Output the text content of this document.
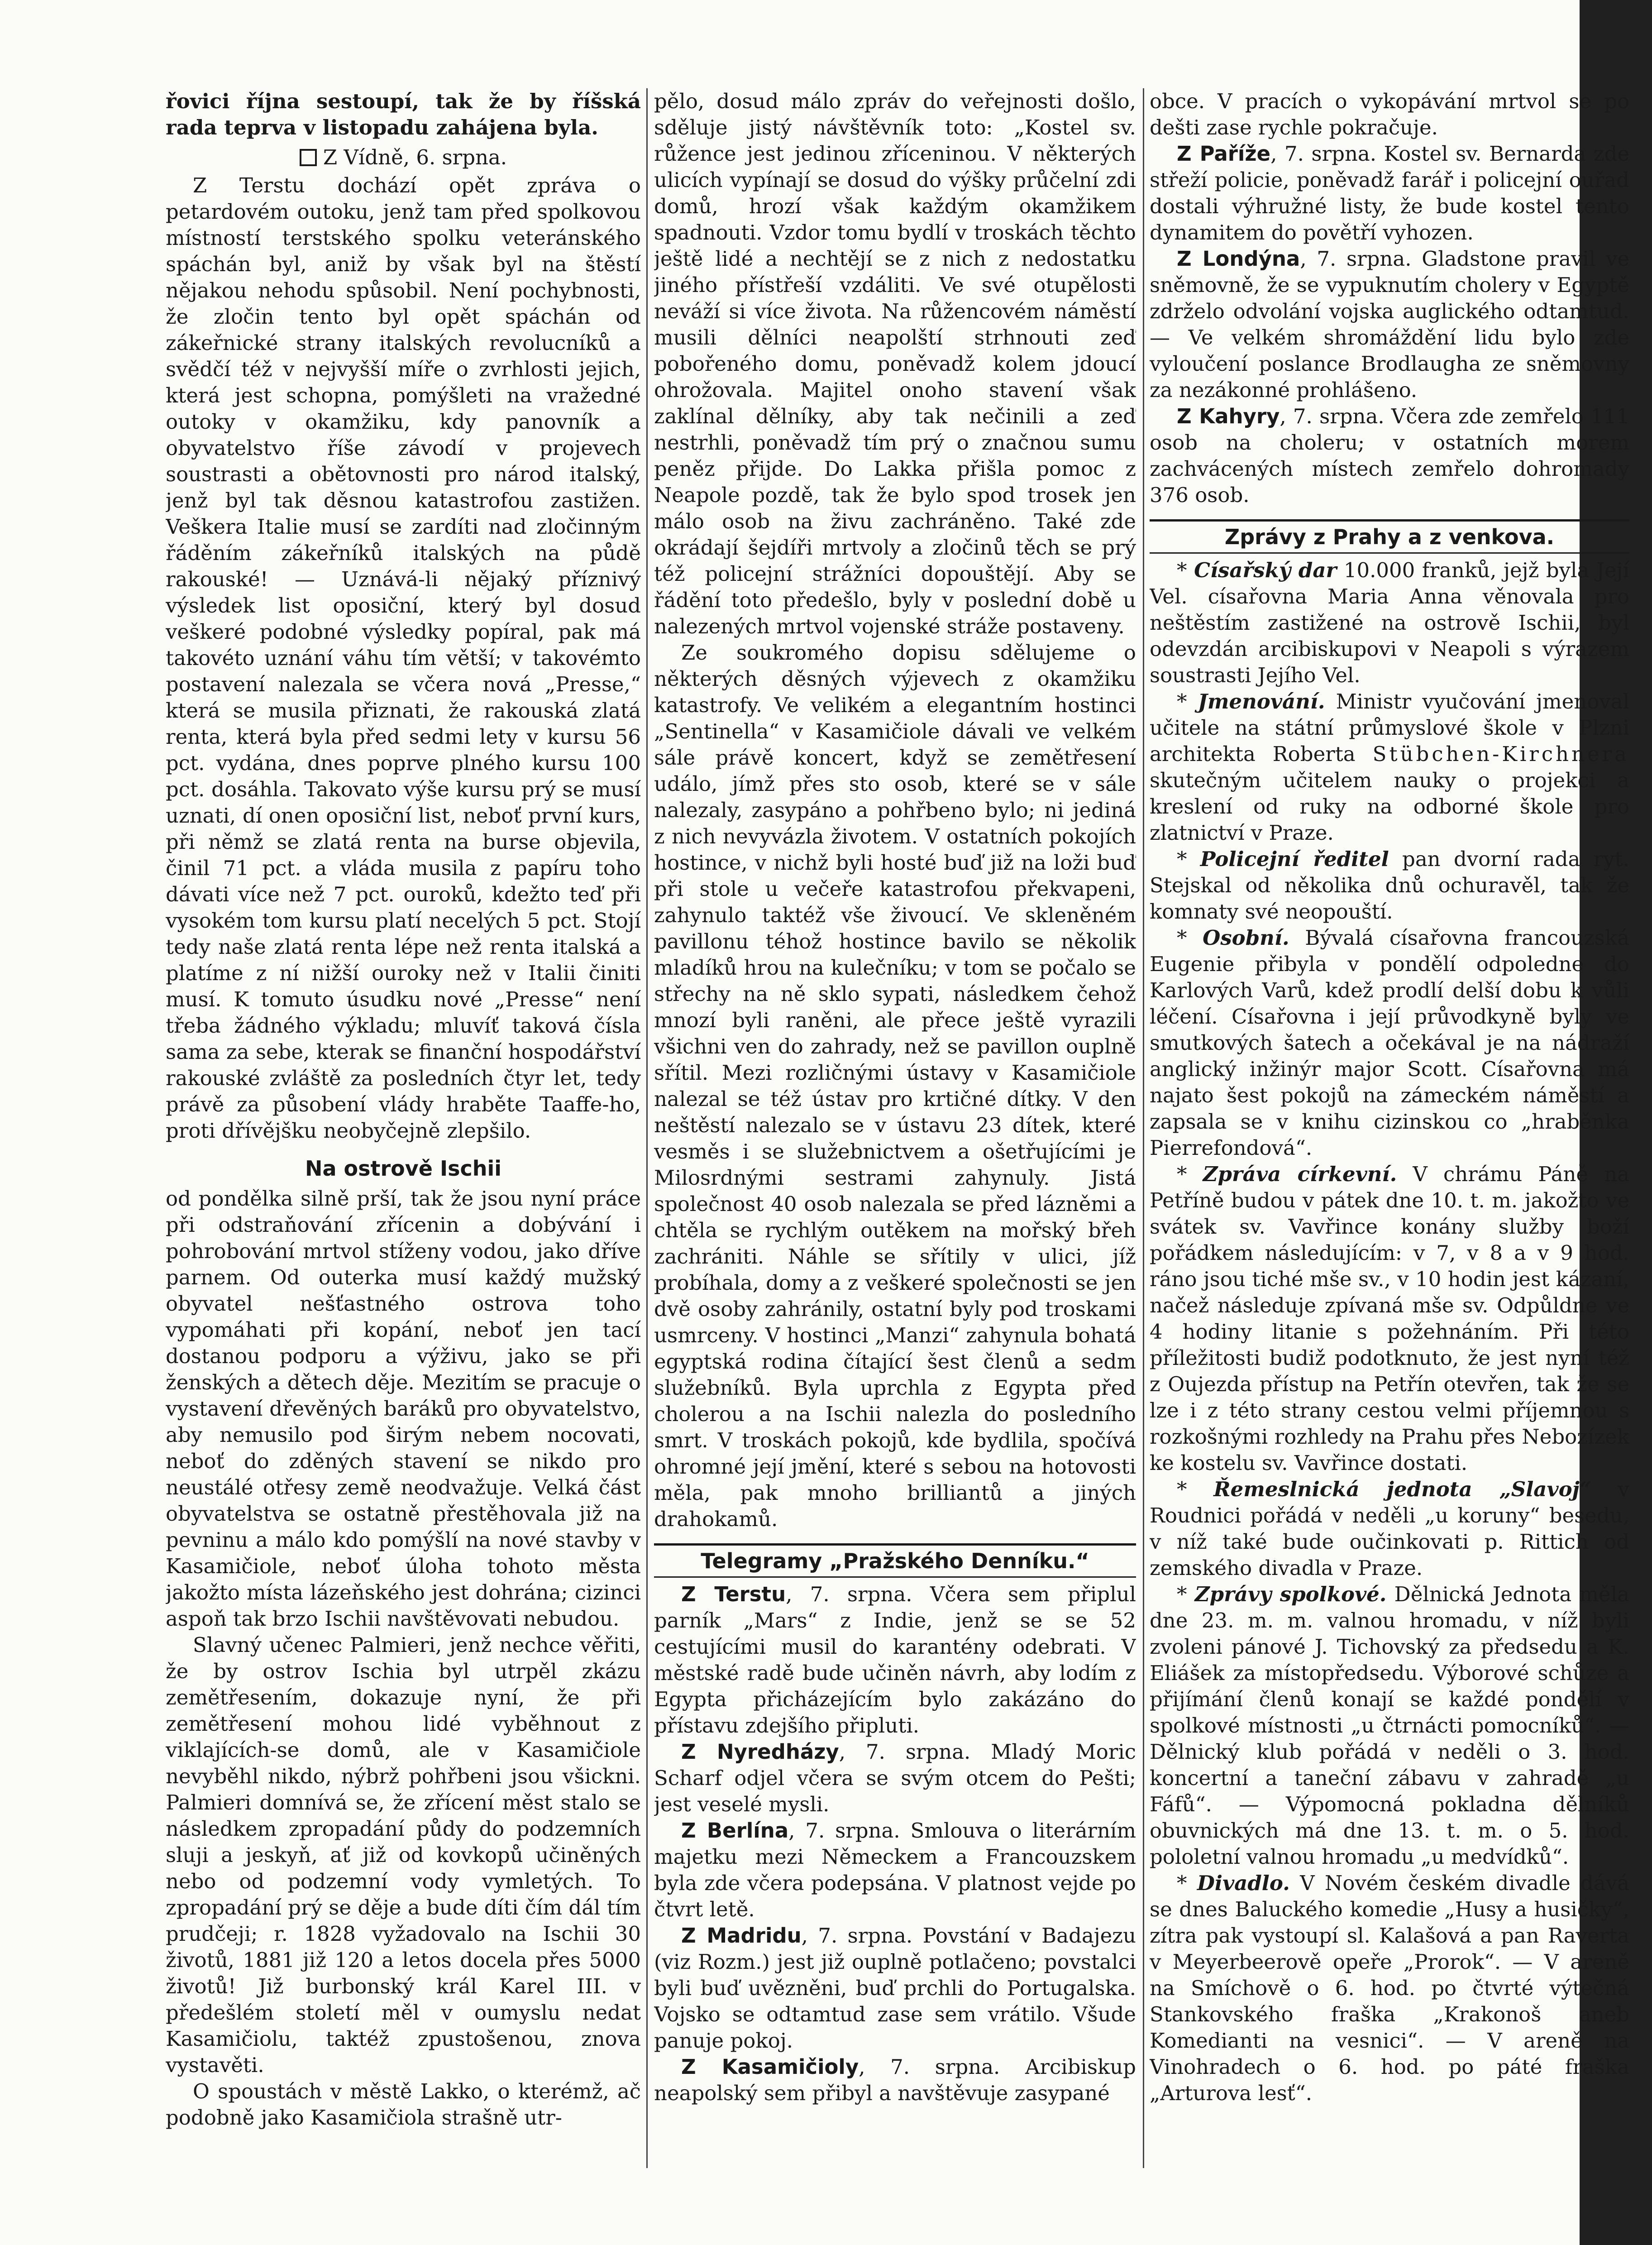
řovici října sestoupí, tak že by říšská rada teprva v listopadu zahájena byla.

Z Vídně, 6. srpna.

Z Terstu dochází opět zpráva o petardovém outoku, jenž tam před spolkovou místností terstského spolku veteránského spáchán byl, aniž by však byl na štěstí nějakou nehodu spůsobil. Není pochybnosti, že zločin tento byl opět spáchán od zákeřnické strany italských revolucníků a svědčí též v nejvyšší míře o zvrhlosti jejich, která jest schopna, pomýšleti na vražedné outoky v okamžiku, kdy panovník a obyvatelstvo říše závodí v projevech soustrasti a obětovnosti pro národ italský, jenž byl tak děsnou katastrofou zastižen. Veškera Italie musí se zardíti nad zločinným řáděním zákeřníků italských na půdě rakouské! — Uznává-li nějaký příznivý výsledek list oposiční, který byl dosud veškeré podobné výsledky popíral, pak má takovéto uznání váhu tím větší; v takovémto postavení nalezala se včera nová „Presse,“ která se musila přiznati, že rakouská zlatá renta, která byla před sedmi lety v kursu 56 pct. vydána, dnes poprve plného kursu 100 pct. dosáhla. Takovato výše kursu prý se musí uznati, dí onen oposiční list, neboť první kurs, při němž se zlatá renta na burse objevila, činil 71 pct. a vláda musila z papíru toho dávati více než 7 pct. ouroků, kdežto teď při vysokém tom kursu platí necelých 5 pct. Stojí tedy naše zlatá renta lépe než renta italská a platíme z ní nižší ouroky než v Italii činiti musí. K tomuto úsudku nové „Presse“ není třeba žádného výkladu; mluvíť taková čísla sama za sebe, kterak se finanční hospodářství rakouské zvláště za posledních čtyr let, tedy právě za působení vlády hraběte Taaffe-ho, proti dřívějšku neobyčejně zlepšilo.

Na ostrově Ischii

od pondělka silně prší, tak že jsou nyní práce při odstraňování zřícenin a dobývání i pohrobování mrtvol stíženy vodou, jako dříve parnem. Od outerka musí každý mužský obyvatel nešťastného ostrova toho vypomáhati při kopání, neboť jen tací dostanou podporu a výživu, jako se při ženských a dětech děje. Mezitím se pracuje o vystavení dřevěných baráků pro obyvatelstvo, aby nemusilo pod širým nebem nocovati, neboť do zděných stavení se nikdo pro neustálé otřesy země neodvažuje. Velká část obyvatelstva se ostatně přestěhovala již na pevninu a málo kdo pomýšlí na nové stavby v Kasamičiole, neboť úloha tohoto města jakožto místa lázeňského jest dohrána; cizinci aspoň tak brzo Ischii navštěvovati nebudou.

Slavný učenec Palmieri, jenž nechce věřiti, že by ostrov Ischia byl utrpěl zkázu zemětřesením, dokazuje nyní, že při zemětřesení mohou lidé vyběhnout z viklajících-se domů, ale v Kasamičiole nevyběhl nikdo, nýbrž pohřbeni jsou všickni. Palmieri domnívá se, že zřícení měst stalo se následkem zpropadání půdy do podzemních sluji a jeskyň, ať již od kovkopů učiněných nebo od podzemní vody vymletých. To zpropadání prý se děje a bude díti čím dál tím prudčeji; r. 1828 vyžadovalo na Ischii 30 životů, 1881 již 120 a letos docela přes 5000 životů! Již burbonský král Karel III. v předešlém století měl v oumyslu nedat Kasamičiolu, taktéž zpustošenou, znova vystavěti.

O spoustách v městě Lakko, o kterémž, ač podobně jako Kasamičiola strašně utr-

pělo, dosud málo zpráv do veřejnosti došlo, sděluje jistý návštěvník toto: „Kostel sv. růžence jest jedinou zříceninou. V některých ulicích vypínají se dosud do výšky průčelní zdi domů, hrozí však každým okamžikem spadnouti. Vzdor tomu bydlí v troskách těchto ještě lidé a nechtějí se z nich z nedostatku jiného přístřeší vzdáliti. Ve své otupělosti neváží si více života. Na růžencovém náměstí musili dělníci neapolští strhnouti zeď pobořeného domu, poněvadž kolem jdoucí ohrožovala. Majitel onoho stavení však zaklínal dělníky, aby tak nečinili a zeď nestrhli, poněvadž tím prý o značnou sumu peněz přijde. Do Lakka přišla pomoc z Neapole pozdě, tak že bylo spod trosek jen málo osob na živu zachráněno. Také zde okrádají šejdíři mrtvoly a zločinů těch se prý též policejní strážníci dopouštějí. Aby se řádění toto předešlo, byly v poslední době u nalezených mrtvol vojenské stráže postaveny.

Ze soukromého dopisu sdělujeme o některých děsných výjevech z okamžiku katastrofy. Ve velikém a elegantním hostinci „Sentinella“ v Kasamičiole dávali ve velkém sále právě koncert, když se zemětřesení událo, jímž přes sto osob, které se v sále nalezaly, zasypáno a pohřbeno bylo; ni jediná z nich nevyvázla životem. V ostatních pokojích hostince, v nichž byli hosté buď již na loži buď při stole u večeře katastrofou překvapeni, zahynulo taktéž vše živoucí. Ve skleněném pavillonu téhož hostince bavilo se několik mladíků hrou na kulečníku; v tom se počalo se střechy na ně sklo sypati, následkem čehož mnozí byli raněni, ale přece ještě vyrazili všichni ven do zahrady, než se pavillon ouplně sřítil. Mezi rozličnými ústavy v Kasamičiole nalezal se též ústav pro krtičné dítky. V den neštěstí nalezalo se v ústavu 23 dítek, které vesměs i se služebnictvem a ošetřujícími je Milosrdnými sestrami zahynuly. Jistá společnost 40 osob nalezala se před lázněmi a chtěla se rychlým outěkem na mořský břeh zachrániti. Náhle se sřítily v ulici, jíž probíhala, domy a z veškeré společnosti se jen dvě osoby zahránily, ostatní byly pod troskami usmrceny. V hostinci „Manzi“ zahynula bohatá egyptská rodina čítající šest členů a sedm služebníků. Byla uprchla z Egypta před cholerou a na Ischii nalezla do posledního smrt. V troskách pokojů, kde bydlila, spočívá ohromné její jmění, které s sebou na hotovosti měla, pak mnoho brilliantů a jiných drahokamů.

Telegramy „Pražského Denníku.“

Z Terstu, 7. srpna. Včera sem připlul parník „Mars“ z Indie, jenž se se 52 cestujícími musil do karantény odebrati. V městské radě bude učiněn návrh, aby lodím z Egypta přicházejícím bylo zakázáno do přístavu zdejšího připluti.

Z Nyredházy, 7. srpna. Mladý Moric Scharf odjel včera se svým otcem do Pešti; jest veselé mysli.

Z Berlína, 7. srpna. Smlouva o literárním majetku mezi Německem a Francouzskem byla zde včera podepsána. V platnost vejde po čtvrt letě.

Z Madridu, 7. srpna. Povstání v Badajezu (viz Rozm.) jest již ouplně potlačeno; povstalci byli buď uvězněni, buď prchli do Portugalska. Vojsko se odtamtud zase sem vrátilo. Všude panuje pokoj.

Z Kasamičioly, 7. srpna. Arcibiskup neapolský sem přibyl a navštěvuje zasypané

obce. V pracích o vykopávání mrtvol se po dešti zase rychle pokračuje.

Z Paříže, 7. srpna. Kostel sv. Bernarda zde střeží policie, poněvadž farář i policejní ouřad dostali výhružné listy, že bude kostel tento dynamitem do povětří vyhozen.

Z Londýna, 7. srpna. Gladstone pravil ve sněmovně, že se vypuknutím cholery v Egyptě zdrželo odvolání vojska auglického odtamtud. — Ve velkém shromáždění lidu bylo zde vyloučení poslance Brodlaugha ze sněmovny za nezákonné prohlášeno.

Z Kahyry, 7. srpna. Včera zde zemřelo 111 osob na choleru; v ostatních morem zachvácených místech zemřelo dohromady 376 osob.

Zprávy z Prahy a z venkova.

* Císařský dar 10.000 franků, jejž byla Její Vel. císařovna Maria Anna věnovala pro neštěstím zastižené na ostrově Ischii, byl odevzdán arcibiskupovi v Neapoli s výrazem soustrasti Jejího Vel.

* Jmenování. Ministr vyučování jmenoval učitele na státní průmyslové škole v Plzni architekta Roberta Stübchen-Kirchnera skutečným učitelem nauky o projekci a kreslení od ruky na odborné škole pro zlatnictví v Praze.

* Policejní ředitel pan dvorní rada ryt. Stejskal od několika dnů ochuravěl, tak že komnaty své neopouští.

* Osobní. Bývalá císařovna francouzská Eugenie přibyla v pondělí odpoledne do Karlových Varů, kdež prodlí delší dobu k vůli léčení. Císařovna i její průvodkyně byly ve smutkových šatech a očekával je na nádraží anglický inžinýr major Scott. Císařovna má najato šest pokojů na zámeckém náměstí a zapsala se v knihu cizinskou co „hraběnka Pierrefondová“.

* Zpráva církevní. V chrámu Páně na Petříně budou v pátek dne 10. t. m. jakožto ve svátek sv. Vavřince konány služby boží pořádkem následujícím: v 7, v 8 a v 9 hod. ráno jsou tiché mše sv., v 10 hodin jest kázaní, načež následuje zpívaná mše sv. Odpůldne ve 4 hodiny litanie s požehnáním. Při této příležitosti budiž podotknuto, že jest nyní též z Oujezda přístup na Petřín otevřen, tak že se lze i z této strany cestou velmi příjemnou s rozkošnými rozhledy na Prahu přes Nebozízek ke kostelu sv. Vavřince dostati.

* Řemeslnická jednota „Slavoj“ v Roudnici pořádá v neděli „u koruny“ besedu, v níž také bude oučinkovati p. Rittich od zemského divadla v Praze.

* Zprávy spolkové. Dělnická Jednota měla dne 23. m. m. valnou hromadu, v níž byli zvoleni pánové J. Tichovský za předsedu a K. Eliášek za místopředsedu. Výborové schůze a přijímání členů konají se každé pondělí v spolkové místnosti „u čtrnácti pomocníků“. — Dělnický klub pořádá v neděli o 3. hod. koncertní a taneční zábavu v zahradě „u Fáfů“. — Výpomocná pokladna dělníků obuvnických má dne 13. t. m. o 5. hod. pololetní valnou hromadu „u medvídků“.

* Divadlo. V Novém českém divadle dává se dnes Baluckého komedie „Husy a husičky“, zítra pak vystoupí sl. Kalašová a pan Raverta v Meyerbeerově opeře „Prorok“. — V areně na Smíchově o 6. hod. po čtvrté výtečná Stankovského fraška „Krakonoš aneb Komedianti na vesnici“. — V areně na Vinohradech o 6. hod. po páté fraška „Arturova lesť“.
